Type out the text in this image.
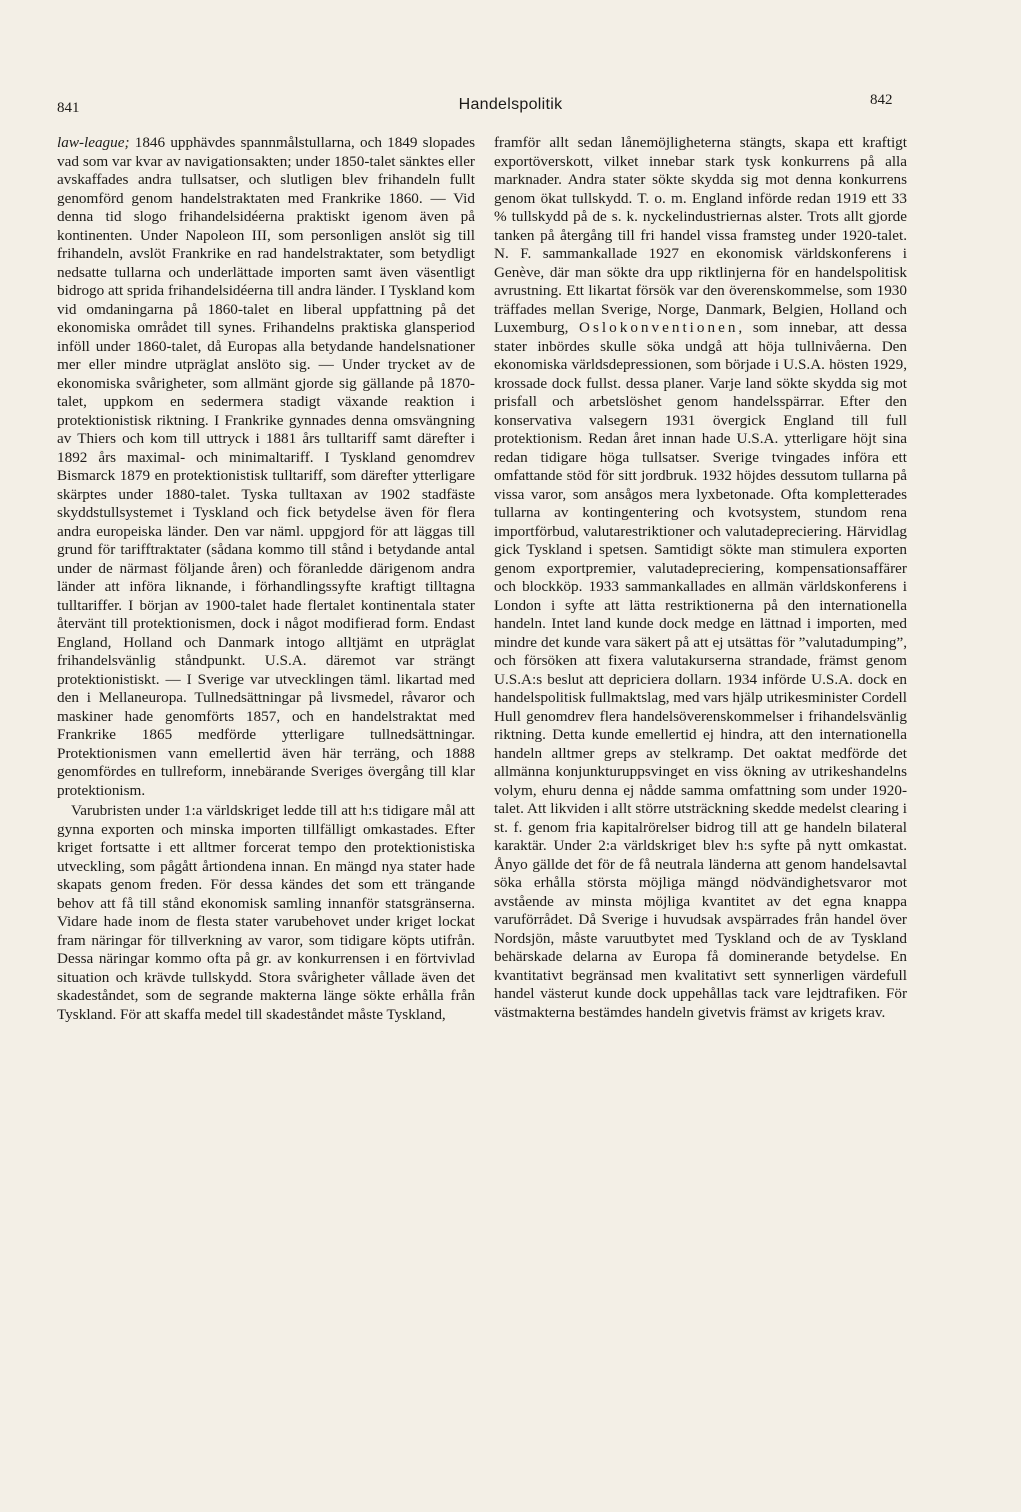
841	Handelspolitik	842

law-league; 1846 upphävdes spannmålstullarna, och 1849 slopades vad som var kvar av navigationsakten; under 1850-talet sänktes eller avskaffades andra tullsatser, och slutligen blev frihandeln fullt genomförd genom handelstraktaten med Frankrike 1860. — Vid denna tid slogo frihandelsidéerna praktiskt igenom även på kontinenten. Under Napoleon III, som personligen anslöt sig till frihandeln, avslöt Frankrike en rad handelstraktater, som betydligt nedsatte tullarna och underlättade importen samt även väsentligt bidrogo att sprida frihandelsidéerna till andra länder. I Tyskland kom vid omdaningarna på 1860-talet en liberal uppfattning på det ekonomiska området till synes. Frihandelns praktiska glansperiod inföll under 1860-talet, då Europas alla betydande handelsnationer mer eller mindre utpräglat anslöto sig. — Under trycket av de ekonomiska svårigheter, som allmänt gjorde sig gällande på 1870-talet, uppkom en sedermera stadigt växande reaktion i protektionistisk riktning. I Frankrike gynnades denna omsvängning av Thiers och kom till uttryck i 1881 års tulltariff samt därefter i 1892 års maximal- och minimaltariff. I Tyskland genomdrev Bismarck 1879 en protektionistisk tulltariff, som därefter ytterligare skärptes under 1880-talet. Tyska tulltaxan av 1902 stadfäste skyddstullsystemet i Tyskland och fick betydelse även för flera andra europeiska länder. Den var näml. uppgjord för att läggas till grund för tarifftraktater (sådana kommo till stånd i betydande antal under de närmast följande åren) och föranledde därigenom andra länder att införa liknande, i förhandlingssyfte kraftigt tilltagna tulltariffer. I början av 1900-talet hade flertalet kontinentala stater återvänt till protektionismen, dock i något modifierad form. Endast England, Holland och Danmark intogo alltjämt en utpräglat frihandelsvänlig ståndpunkt. U.S.A. däremot var strängt protektionistiskt. — I Sverige var utvecklingen täml. likartad med den i Mellaneuropa. Tullnedsättningar på livsmedel, råvaror och maskiner hade genomförts 1857, och en handelstraktat med Frankrike 1865 medförde ytterligare tullnedsättningar. Protektionismen vann emellertid även här terräng, och 1888 genomfördes en tullreform, innebärande Sveriges övergång till klar protektionism.

Varubristen under 1:a världskriget ledde till att h:s tidigare mål att gynna exporten och minska importen tillfälligt omkastades. Efter kriget fortsatte i ett alltmer forcerat tempo den protektionistiska utveckling, som pågått årtiondena innan. En mängd nya stater hade skapats genom freden. För dessa kändes det som ett trängande behov att få till stånd ekonomisk samling innanför statsgränserna. Vidare hade inom de flesta stater varubehovet under kriget lockat fram näringar för tillverkning av varor, som tidigare köpts utifrån. Dessa näringar kommo ofta på gr. av konkurrensen i en förtvivlad situation och krävde tullskydd. Stora svårigheter vållade även det skadeståndet, som de segrande makterna länge sökte erhålla från Tyskland. För att skaffa medel till skadeståndet måste Tyskland,

framför allt sedan lånemöjligheterna stängts, skapa ett kraftigt exportöverskott, vilket innebar stark tysk konkurrens på alla marknader. Andra stater sökte skydda sig mot denna konkurrens genom ökat tullskydd. T. o. m. England införde redan 1919 ett 33 % tullskydd på de s. k. nyckelindustriernas alster. Trots allt gjorde tanken på återgång till fri handel vissa framsteg under 1920-talet. N. F. sammankallade 1927 en ekonomisk världskonferens i Genève, där man sökte dra upp riktlinjerna för en handelspolitisk avrustning. Ett likartat försök var den överenskommelse, som 1930 träffades mellan Sverige, Norge, Danmark, Belgien, Holland och Luxemburg, Oslokonventionen, som innebar, att dessa stater inbördes skulle söka undgå att höja tullnivåerna. Den ekonomiska världsdepressionen, som började i U.S.A. hösten 1929, krossade dock fullst. dessa planer. Varje land sökte skydda sig mot prisfall och arbetslöshet genom handelsspärrar. Efter den konservativa valsegern 1931 övergick England till full protektionism. Redan året innan hade U.S.A. ytterligare höjt sina redan tidigare höga tullsatser. Sverige tvingades införa ett omfattande stöd för sitt jordbruk. 1932 höjdes dessutom tullarna på vissa varor, som ansågos mera lyxbetonade. Ofta kompletterades tullarna av kontingentering och kvotsystem, stundom rena importförbud, valutarestriktioner och valutadepreciering. Härvidlag gick Tyskland i spetsen. Samtidigt sökte man stimulera exporten genom exportpremier, valutadepreciering, kompensationsaffärer och blockköp. 1933 sammankallades en allmän världskonferens i London i syfte att lätta restriktionerna på den internationella handeln. Intet land kunde dock medge en lättnad i importen, med mindre det kunde vara säkert på att ej utsättas för ”valutadumping”, och försöken att fixera valutakurserna strandade, främst genom U.S.A:s beslut att depriciera dollarn. 1934 införde U.S.A. dock en handelspolitisk fullmaktslag, med vars hjälp utrikesminister Cordell Hull genomdrev flera handelsöverenskommelser i frihandelsvänlig riktning. Detta kunde emellertid ej hindra, att den internationella handeln alltmer greps av stelkramp. Det oaktat medförde det allmänna konjunkturuppsvinget en viss ökning av utrikeshandelns volym, ehuru denna ej nådde samma omfattning som under 1920-talet. Att likviden i allt större utsträckning skedde medelst clearing i st. f. genom fria kapitalrörelser bidrog till att ge handeln bilateral karaktär. Under 2:a världskriget blev h:s syfte på nytt omkastat. Ånyo gällde det för de få neutrala länderna att genom handelsavtal söka erhålla största möjliga mängd nödvändighetsvaror mot avstående av minsta möjliga kvantitet av det egna knappa varuförrådet. Då Sverige i huvudsak avspärrades från handel över Nordsjön, måste varuutbytet med Tyskland och de av Tyskland behärskade delarna av Europa få dominerande betydelse. En kvantitativt begränsad men kvalitativt sett synnerligen värdefull handel västerut kunde dock uppehållas tack vare lejdtrafiken. För västmakterna bestämdes handeln givetvis främst av krigets krav.
